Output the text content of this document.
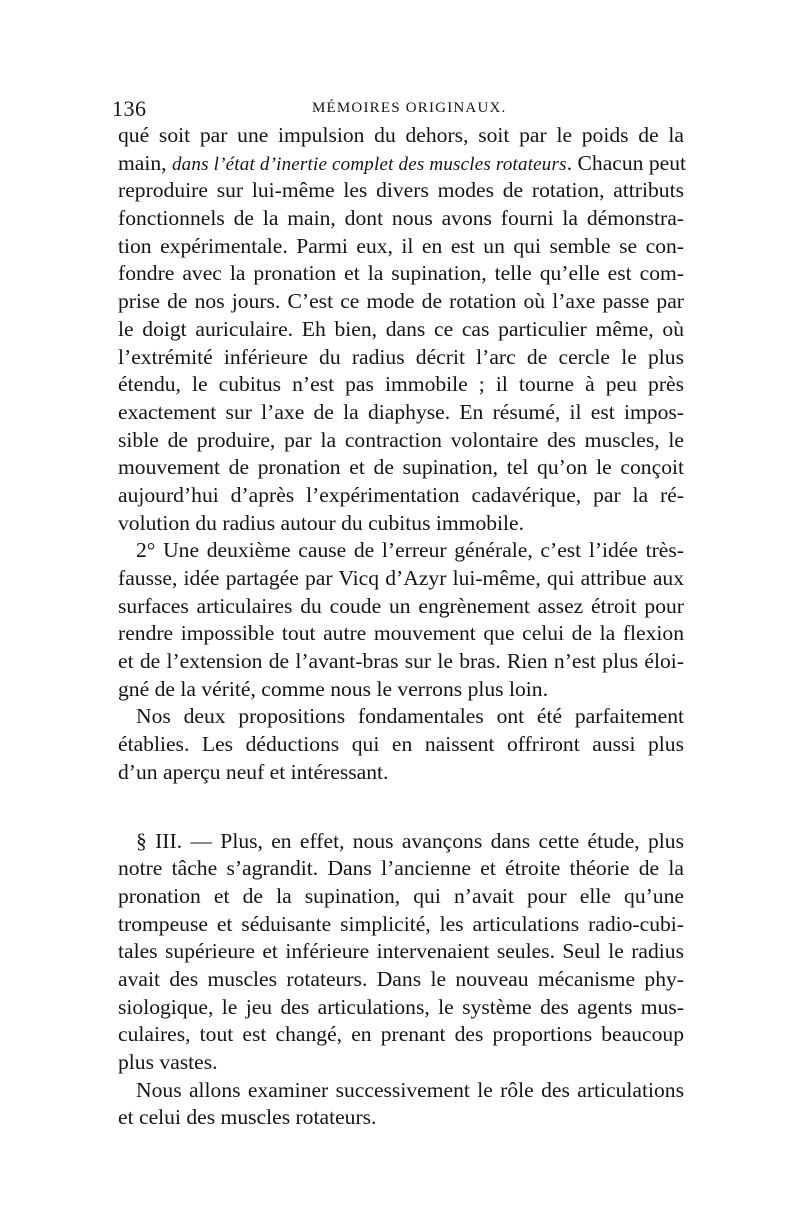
136	MÉMOIRES ORIGINAUX.
qué soit par une impulsion du dehors, soit par le poids de la
main, dans l’état d’inertie complet des muscles rotateurs. Chacun peut
reproduire sur lui-même les divers modes de rotation, attributs
fonctionnels de la main, dont nous avons fourni la démonstra-
tion expérimentale. Parmi eux, il en est un qui semble se con-
fondre avec la pronation et la supination, telle qu’elle est com-
prise de nos jours. C’est ce mode de rotation où l’axe passe par
le doigt auriculaire. Eh bien, dans ce cas particulier même, où
l’extrémité inférieure du radius décrit l’arc de cercle le plus
étendu, le cubitus n’est pas immobile ; il tourne à peu près
exactement sur l’axe de la diaphyse. En résumé, il est impos-
sible de produire, par la contraction volontaire des muscles, le
mouvement de pronation et de supination, tel qu’on le conçoit
aujourd’hui d’après l’expérimentation cadavérique, par la ré-
volution du radius autour du cubitus immobile.
2° Une deuxième cause de l’erreur générale, c’est l’idée très-
fausse, idée partagée par Vicq d’Azyr lui-même, qui attribue aux
surfaces articulaires du coude un engrènement assez étroit pour
rendre impossible tout autre mouvement que celui de la flexion
et de l’extension de l’avant-bras sur le bras. Rien n’est plus éloi-
gné de la vérité, comme nous le verrons plus loin.
Nos deux propositions fondamentales ont été parfaitement
établies. Les déductions qui en naissent offriront aussi plus
d’un aperçu neuf et intéressant.
§ III. — Plus, en effet, nous avançons dans cette étude, plus
notre tâche s’agrandit. Dans l’ancienne et étroite théorie de la
pronation et de la supination, qui n’avait pour elle qu’une
trompeuse et séduisante simplicité, les articulations radio-cubi-
tales supérieure et inférieure intervenaient seules. Seul le radius
avait des muscles rotateurs. Dans le nouveau mécanisme phy-
siologique, le jeu des articulations, le système des agents mus-
culaires, tout est changé, en prenant des proportions beaucoup
plus vastes.
Nous allons examiner successivement le rôle des articulations
et celui des muscles rotateurs.
